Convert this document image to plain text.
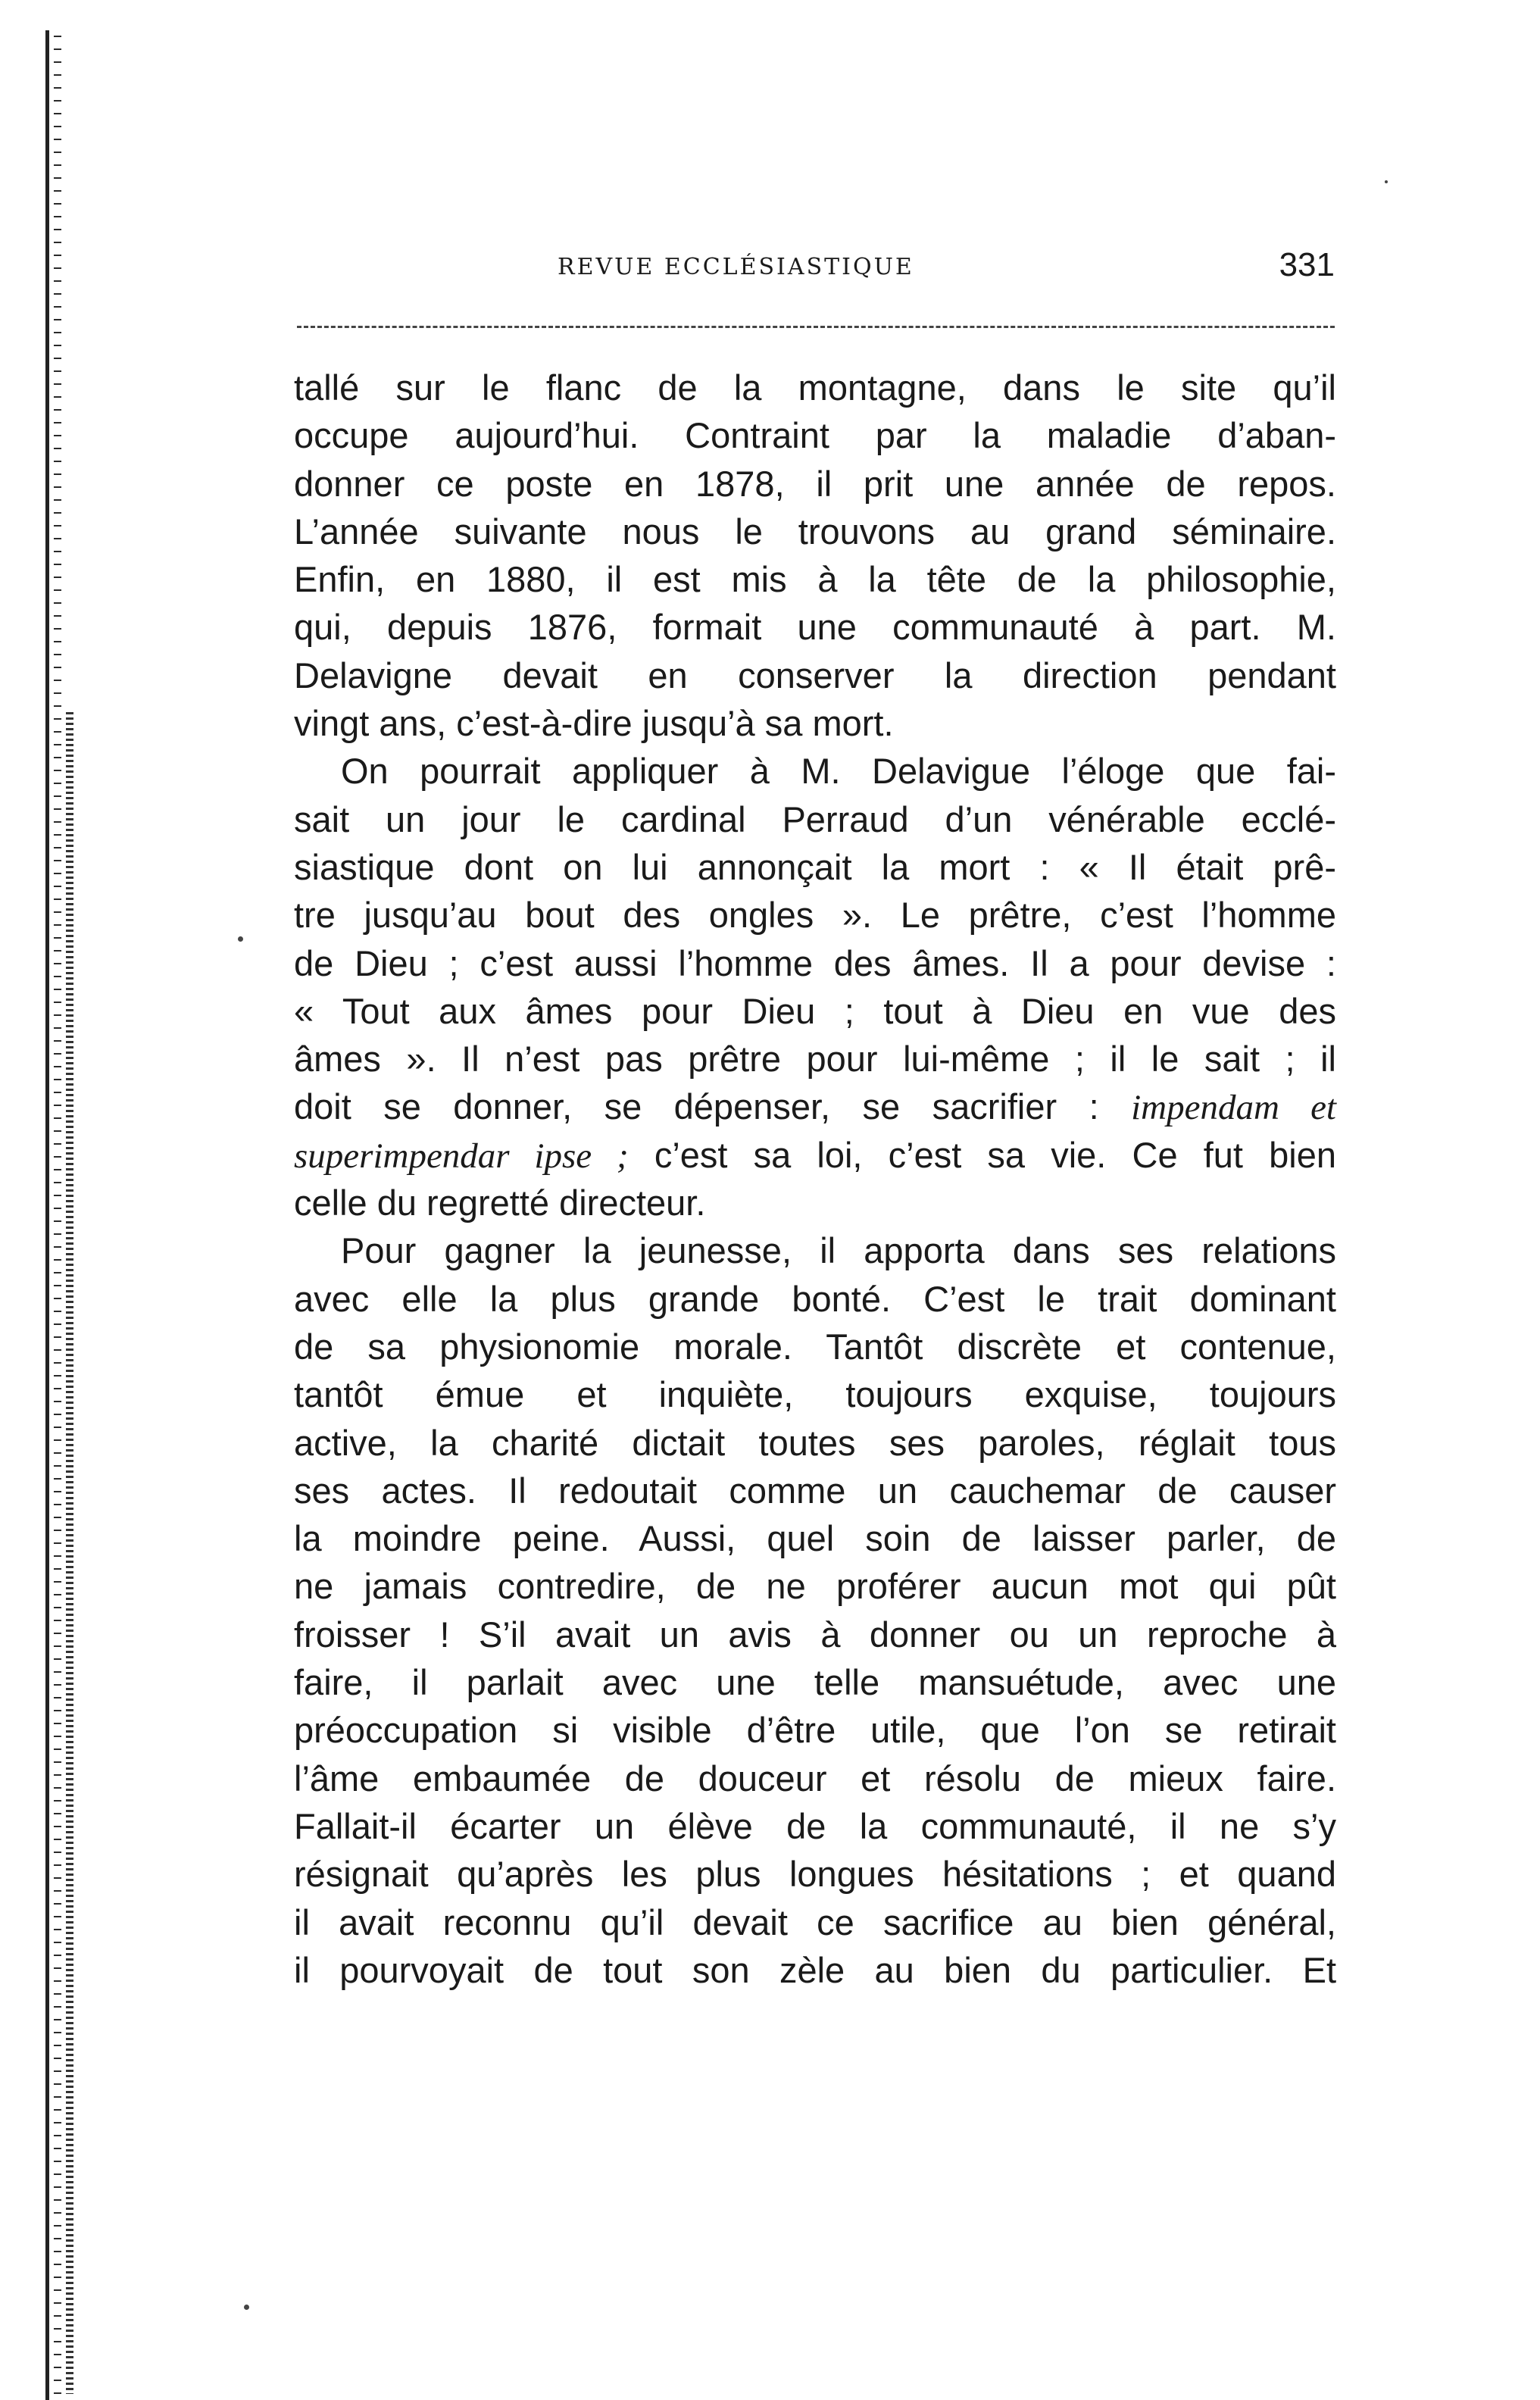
REVUE ECCLÉSIASTIQUE	331
tallé sur le flanc de la montagne, dans le site qu’il
occupe aujourd’hui. Contraint par la maladie d’aban-
donner ce poste en 1878, il prit une année de repos.
L’année suivante nous le trouvons au grand séminaire.
Enfin, en 1880, il est mis à la tête de la philosophie,
qui, depuis 1876, formait une communauté à part. M.
Delavigne devait en conserver la direction pendant
vingt ans, c’est-à-dire jusqu’à sa mort.
On pourrait appliquer à M. Delavigue l’éloge que fai-
sait un jour le cardinal Perraud d’un vénérable ecclé-
siastique dont on lui annonçait la mort : « Il était prê-
tre jusqu’au bout des ongles ». Le prêtre, c’est l’homme
de Dieu ; c’est aussi l’homme des âmes. Il a pour devise :
« Tout aux âmes pour Dieu ; tout à Dieu en vue des
âmes ». Il n’est pas prêtre pour lui-même ; il le sait ; il
doit se donner, se dépenser, se sacrifier : impendam et
superimpendar ipse ; c’est sa loi, c’est sa vie. Ce fut bien
celle du regretté directeur.
Pour gagner la jeunesse, il apporta dans ses relations
avec elle la plus grande bonté. C’est le trait dominant
de sa physionomie morale. Tantôt discrète et contenue,
tantôt émue et inquiète, toujours exquise, toujours
active, la charité dictait toutes ses paroles, réglait tous
ses actes. Il redoutait comme un cauchemar de causer
la moindre peine. Aussi, quel soin de laisser parler, de
ne jamais contredire, de ne proférer aucun mot qui pût
froisser ! S’il avait un avis à donner ou un reproche à
faire, il parlait avec une telle mansuétude, avec une
préoccupation si visible d’être utile, que l’on se retirait
l’âme embaumée de douceur et résolu de mieux faire.
Fallait-il écarter un élève de la communauté, il ne s’y
résignait qu’après les plus longues hésitations ; et quand
il avait reconnu qu’il devait ce sacrifice au bien général,
il pourvoyait de tout son zèle au bien du particulier. Et
